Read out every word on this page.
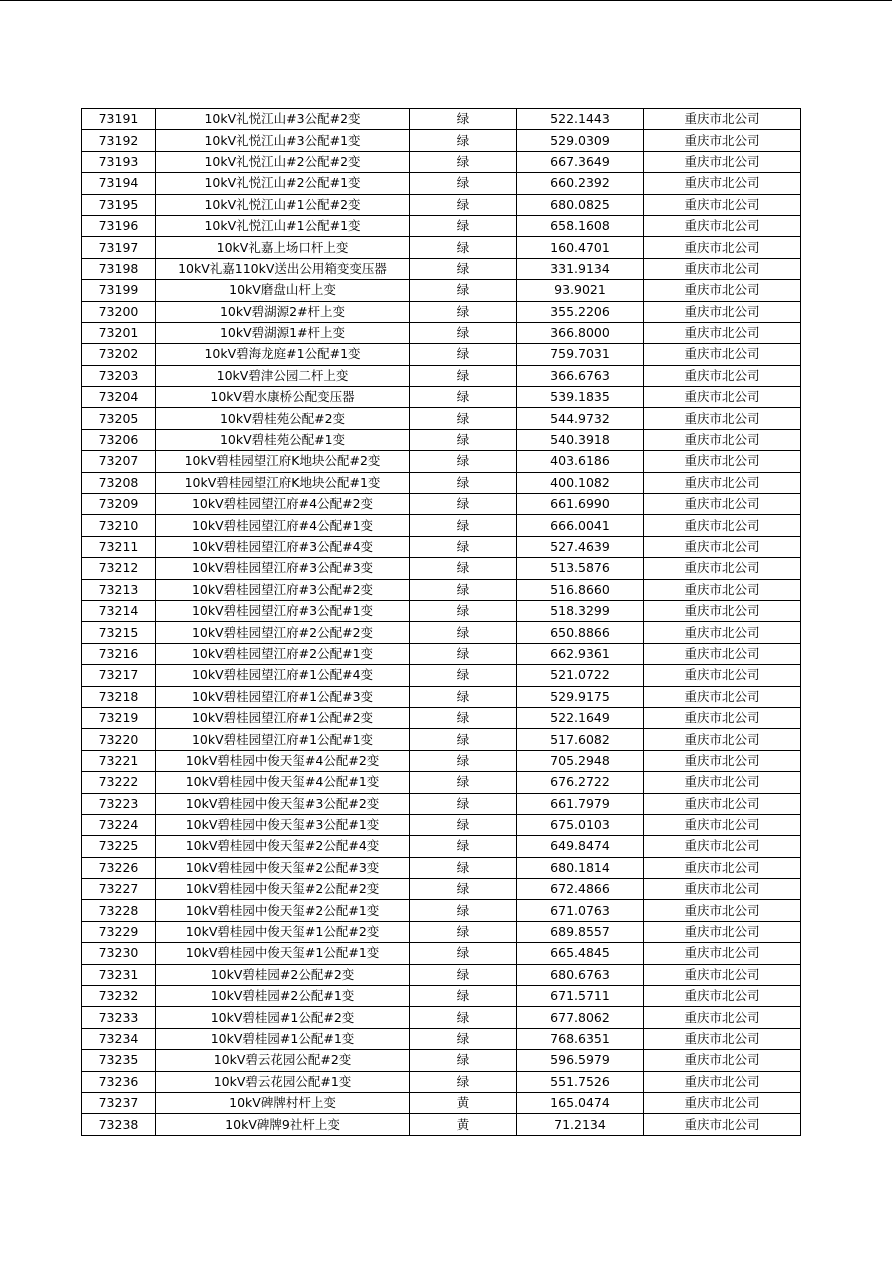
73191	10kV礼悦江山#3公配#2变	绿	522.1443	重庆市北公司
73192	10kV礼悦江山#3公配#1变	绿	529.0309	重庆市北公司
73193	10kV礼悦江山#2公配#2变	绿	667.3649	重庆市北公司
73194	10kV礼悦江山#2公配#1变	绿	660.2392	重庆市北公司
73195	10kV礼悦江山#1公配#2变	绿	680.0825	重庆市北公司
73196	10kV礼悦江山#1公配#1变	绿	658.1608	重庆市北公司
73197	10kV礼嘉上场口杆上变	绿	160.4701	重庆市北公司
73198	10kV礼嘉110kV送出公用箱变变压器	绿	331.9134	重庆市北公司
73199	10kV磨盘山杆上变	绿	93.9021	重庆市北公司
73200	10kV碧湖源2#杆上变	绿	355.2206	重庆市北公司
73201	10kV碧湖源1#杆上变	绿	366.8000	重庆市北公司
73202	10kV碧海龙庭#1公配#1变	绿	759.7031	重庆市北公司
73203	10kV碧津公园二杆上变	绿	366.6763	重庆市北公司
73204	10kV碧水康桥公配变压器	绿	539.1835	重庆市北公司
73205	10kV碧桂苑公配#2变	绿	544.9732	重庆市北公司
73206	10kV碧桂苑公配#1变	绿	540.3918	重庆市北公司
73207	10kV碧桂园望江府K地块公配#2变	绿	403.6186	重庆市北公司
73208	10kV碧桂园望江府K地块公配#1变	绿	400.1082	重庆市北公司
73209	10kV碧桂园望江府#4公配#2变	绿	661.6990	重庆市北公司
73210	10kV碧桂园望江府#4公配#1变	绿	666.0041	重庆市北公司
73211	10kV碧桂园望江府#3公配#4变	绿	527.4639	重庆市北公司
73212	10kV碧桂园望江府#3公配#3变	绿	513.5876	重庆市北公司
73213	10kV碧桂园望江府#3公配#2变	绿	516.8660	重庆市北公司
73214	10kV碧桂园望江府#3公配#1变	绿	518.3299	重庆市北公司
73215	10kV碧桂园望江府#2公配#2变	绿	650.8866	重庆市北公司
73216	10kV碧桂园望江府#2公配#1变	绿	662.9361	重庆市北公司
73217	10kV碧桂园望江府#1公配#4变	绿	521.0722	重庆市北公司
73218	10kV碧桂园望江府#1公配#3变	绿	529.9175	重庆市北公司
73219	10kV碧桂园望江府#1公配#2变	绿	522.1649	重庆市北公司
73220	10kV碧桂园望江府#1公配#1变	绿	517.6082	重庆市北公司
73221	10kV碧桂园中俊天玺#4公配#2变	绿	705.2948	重庆市北公司
73222	10kV碧桂园中俊天玺#4公配#1变	绿	676.2722	重庆市北公司
73223	10kV碧桂园中俊天玺#3公配#2变	绿	661.7979	重庆市北公司
73224	10kV碧桂园中俊天玺#3公配#1变	绿	675.0103	重庆市北公司
73225	10kV碧桂园中俊天玺#2公配#4变	绿	649.8474	重庆市北公司
73226	10kV碧桂园中俊天玺#2公配#3变	绿	680.1814	重庆市北公司
73227	10kV碧桂园中俊天玺#2公配#2变	绿	672.4866	重庆市北公司
73228	10kV碧桂园中俊天玺#2公配#1变	绿	671.0763	重庆市北公司
73229	10kV碧桂园中俊天玺#1公配#2变	绿	689.8557	重庆市北公司
73230	10kV碧桂园中俊天玺#1公配#1变	绿	665.4845	重庆市北公司
73231	10kV碧桂园#2公配#2变	绿	680.6763	重庆市北公司
73232	10kV碧桂园#2公配#1变	绿	671.5711	重庆市北公司
73233	10kV碧桂园#1公配#2变	绿	677.8062	重庆市北公司
73234	10kV碧桂园#1公配#1变	绿	768.6351	重庆市北公司
73235	10kV碧云花园公配#2变	绿	596.5979	重庆市北公司
73236	10kV碧云花园公配#1变	绿	551.7526	重庆市北公司
73237	10kV碑牌村杆上变	黄	165.0474	重庆市北公司
73238	10kV碑牌9社杆上变	黄	71.2134	重庆市北公司
